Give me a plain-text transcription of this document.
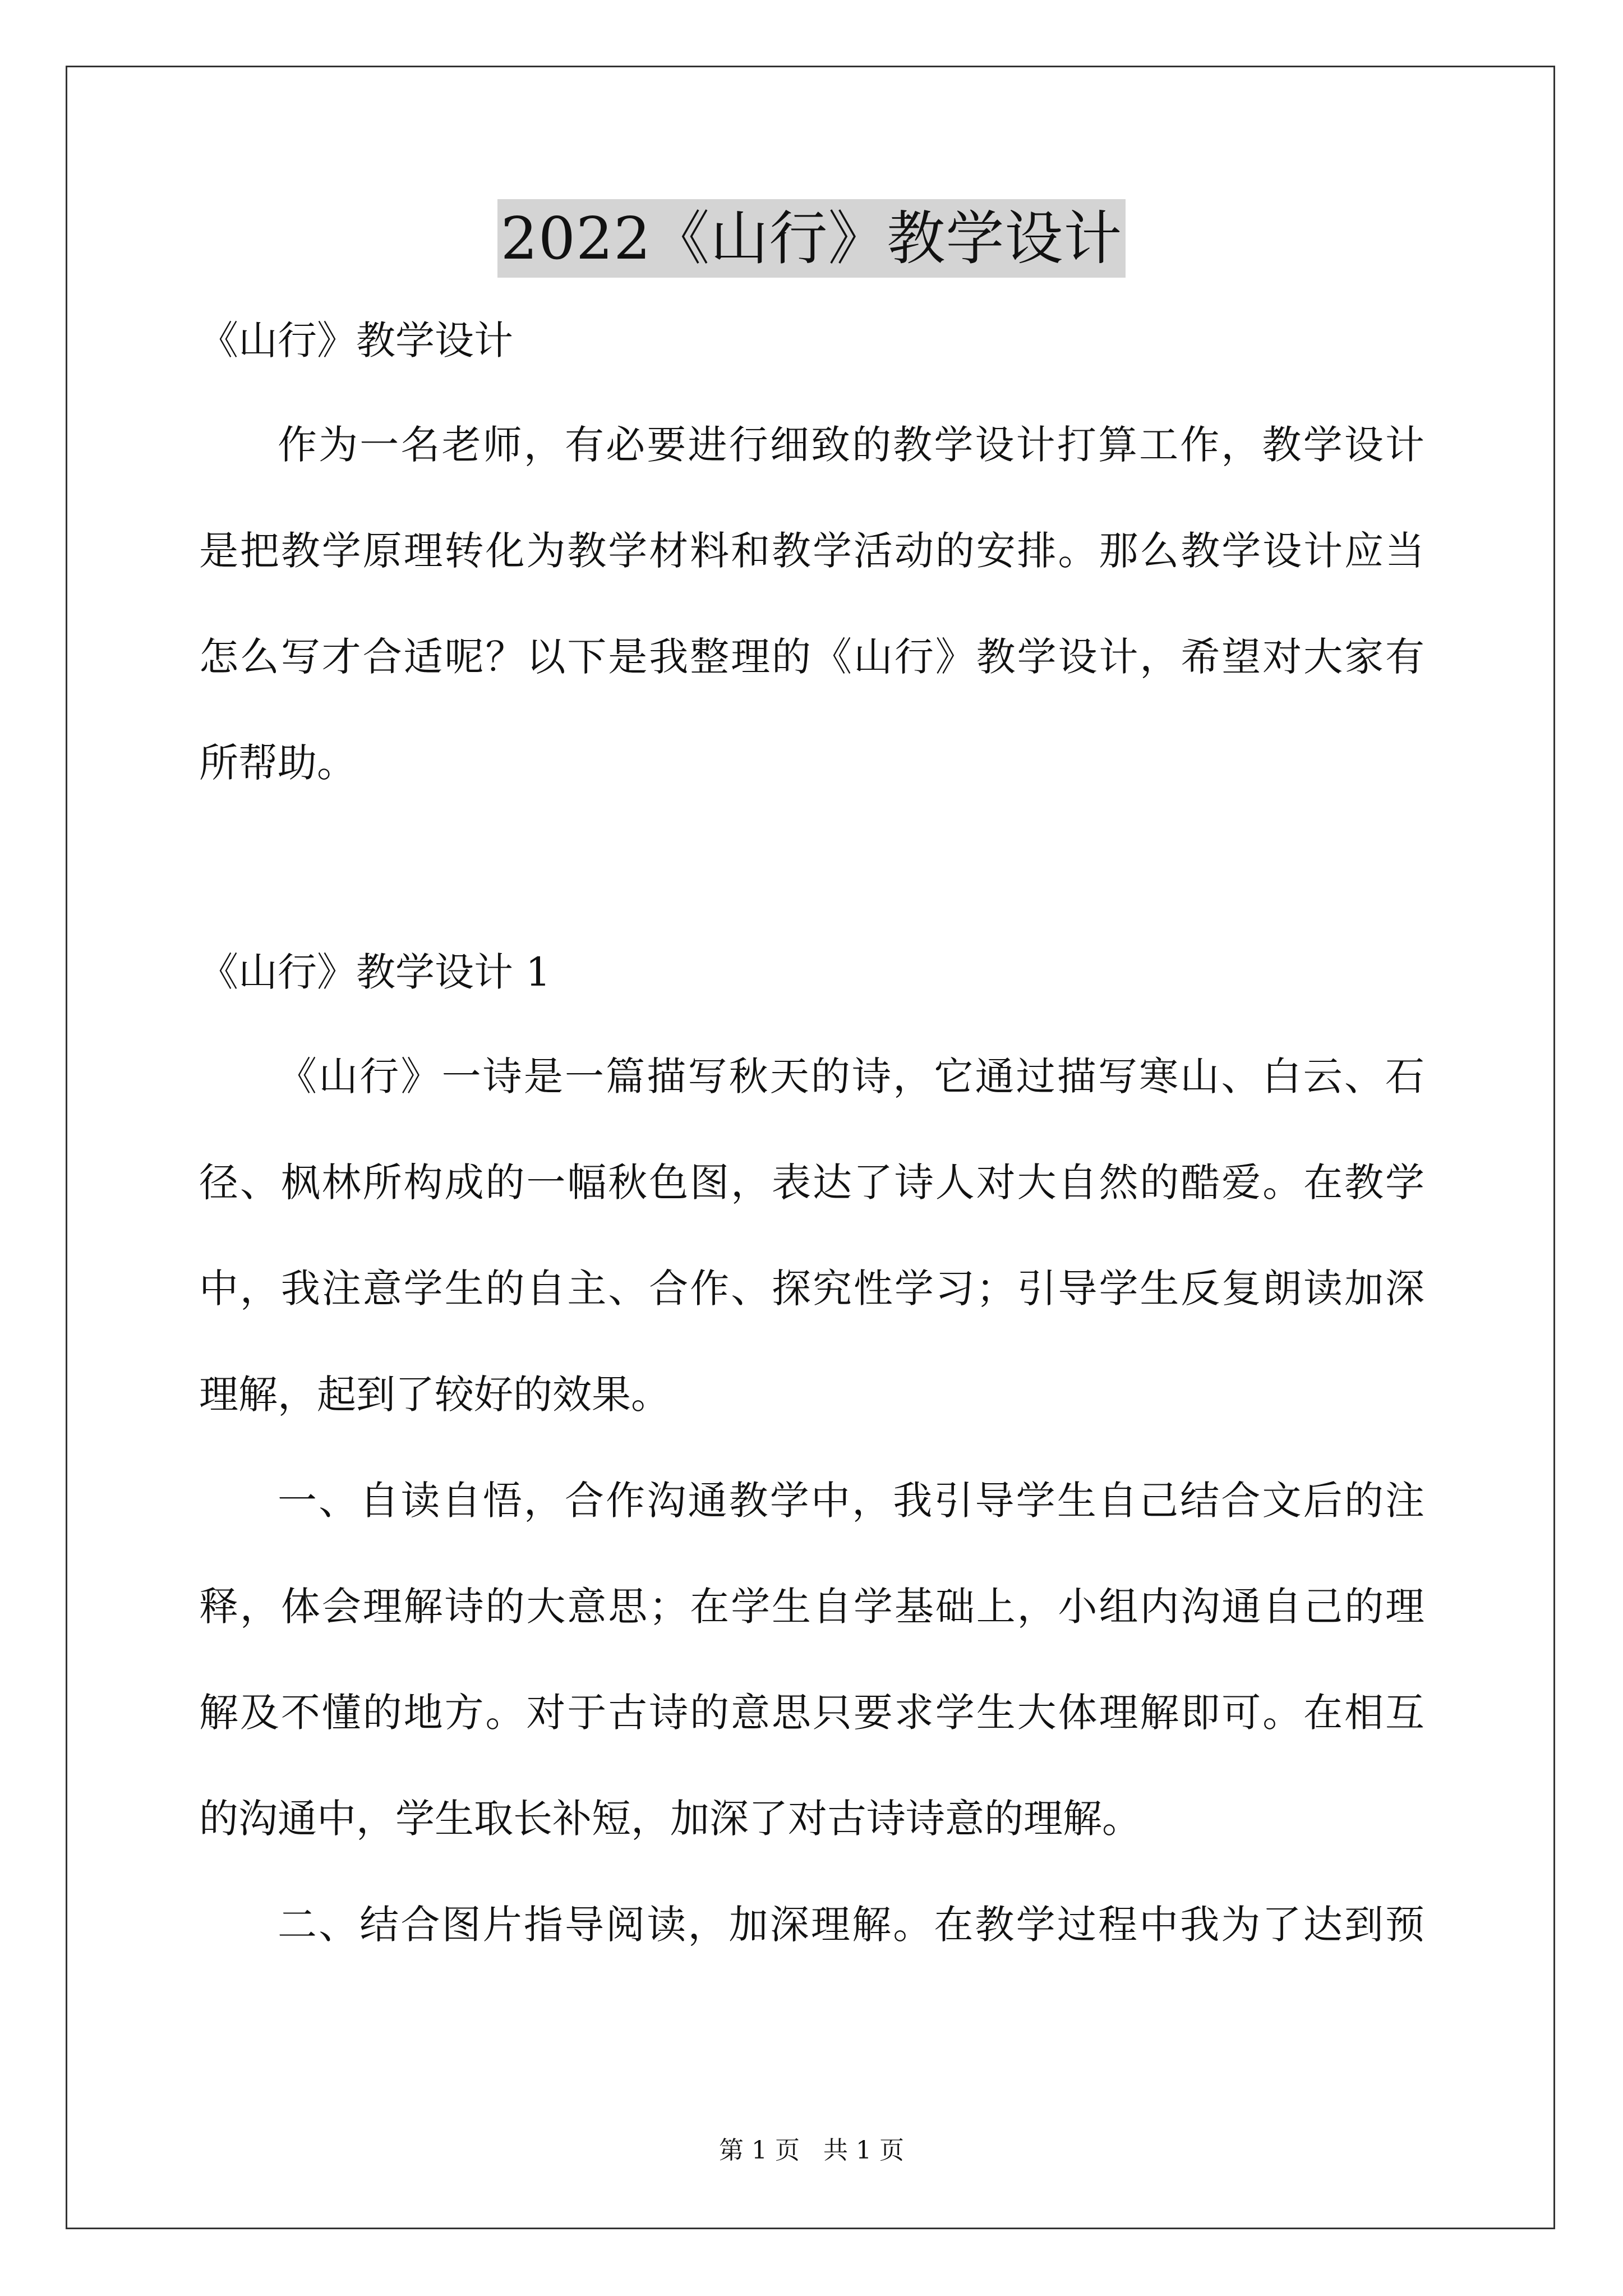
2022《山行》教学设计
《山行》教学设计
作为一名老师，有必要进行细致的教学设计打算工作，教学设计
是把教学原理转化为教学材料和教学活动的安排。那么教学设计应当
怎么写才合适呢？以下是我整理的《山行》教学设计，希望对大家有
所帮助。
《山行》教学设计 1
《山行》一诗是一篇描写秋天的诗，它通过描写寒山、白云、石
径、枫林所构成的一幅秋色图，表达了诗人对大自然的酷爱。在教学
中，我注意学生的自主、合作、探究性学习；引导学生反复朗读加深
理解，起到了较好的效果。
一、自读自悟，合作沟通教学中，我引导学生自己结合文后的注
释，体会理解诗的大意思；在学生自学基础上，小组内沟通自己的理
解及不懂的地方。对于古诗的意思只要求学生大体理解即可。在相互
的沟通中，学生取长补短，加深了对古诗诗意的理解。
二、结合图片指导阅读，加深理解。在教学过程中我为了达到预
第 1 页 共 1 页
